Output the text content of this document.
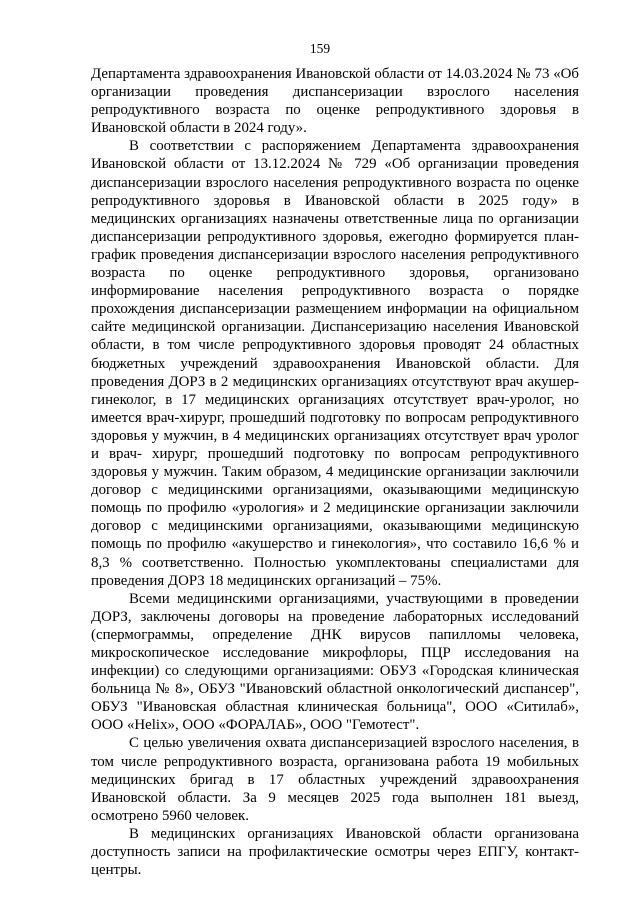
159

Департамента здравоохранения Ивановской области от 14.03.2024 № 73 «Об организации проведения диспансеризации взрослого населения репродуктивного возраста по оценке репродуктивного здоровья в Ивановской области в 2024 году».

В соответствии с распоряжением Департамента здравоохранения Ивановской области от 13.12.2024 № 729 «Об организации проведения диспансеризации взрослого населения репродуктивного возраста по оценке репродуктивного здоровья в Ивановской области в 2025 году» в медицинских организациях назначены ответственные лица по организации диспансеризации репродуктивного здоровья, ежегодно формируется план-график проведения диспансеризации взрослого населения репродуктивного возраста по оценке репродуктивного здоровья, организовано информирование населения репродуктивного возраста о порядке прохождения диспансеризации размещением информации на официальном сайте медицинской организации. Диспансеризацию населения Ивановской области, в том числе репродуктивного здоровья проводят 24 областных бюджетных учреждений здравоохранения Ивановской области. Для проведения ДОРЗ в 2 медицинских организациях отсутствуют врач акушер-гинеколог, в 17 медицинских организациях отсутствует врач-уролог, но имеется врач-хирург, прошедший подготовку по вопросам репродуктивного здоровья у мужчин, в 4 медицинских организациях отсутствует врач уролог и врач- хирург, прошедший подготовку по вопросам репродуктивного здоровья у мужчин. Таким образом, 4 медицинские организации заключили договор с медицинскими организациями, оказывающими медицинскую помощь по профилю «урология» и 2 медицинские организации заключили договор с медицинскими организациями, оказывающими медицинскую помощь по профилю «акушерство и гинекология», что составило 16,6 % и 8,3 % соответственно. Полностью укомплектованы специалистами для проведения ДОРЗ 18 медицинских организаций – 75%.

Всеми медицинскими организациями, участвующими в проведении ДОРЗ, заключены договоры на проведение лабораторных исследований (спермограммы, определение ДНК вирусов папилломы человека, микроскопическое исследование микрофлоры, ПЦР исследования на инфекции) со следующими организациями: ОБУЗ «Городская клиническая больница № 8», ОБУЗ "Ивановский областной онкологический диспансер", ОБУЗ "Ивановская областная клиническая больница", ООО «Ситилаб», ООО «Helix», ООО «ФОРАЛАБ», ООО "Гемотест".

С целью увеличения охвата диспансеризацией взрослого населения, в том числе репродуктивного возраста, организована работа 19 мобильных медицинских бригад в 17 областных учреждений здравоохранения Ивановской области. За 9 месяцев 2025 года выполнен 181 выезд, осмотрено 5960 человек.

В медицинских организациях Ивановской области организована доступность записи на профилактические осмотры через ЕПГУ, контакт-центры.
